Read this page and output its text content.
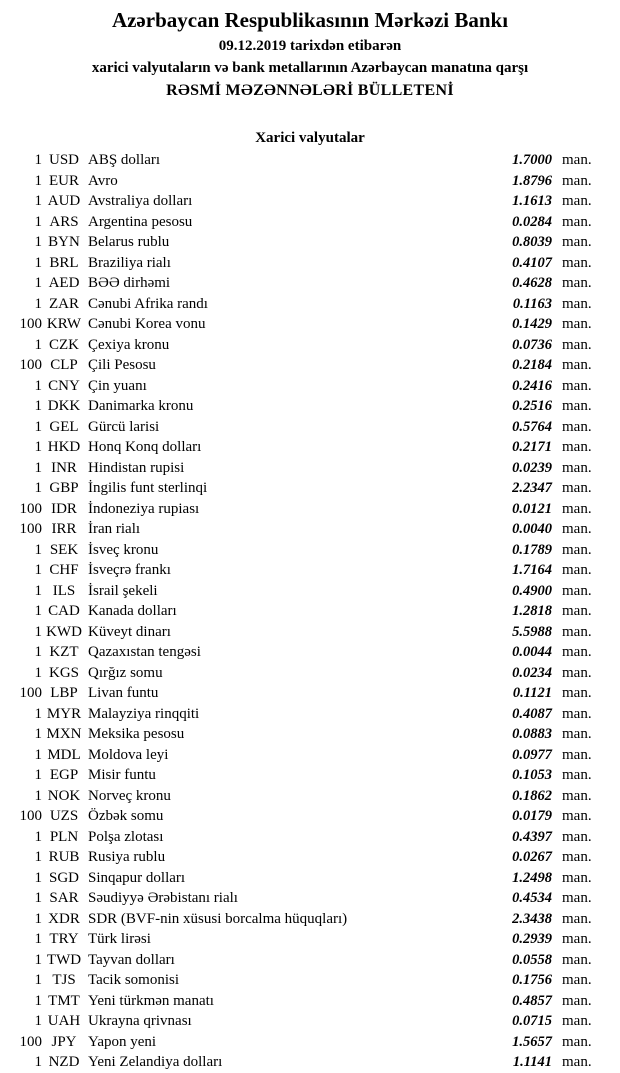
Azərbaycan Respublikasının Mərkəzi Bankı

09.12.2019 tarixdən etibarən

xarici valyutaların və bank metallarının Azərbaycan manatına qarşı

RƏSMİ MƏZƏNNƏLƏRİ BÜLLETENİ

Xarici valyutalar
1 USD ABŞ dolları	1.7000 man.
1 EUR Avro	1.8796 man.
1 AUD Avstraliya dolları	1.1613 man.
1 ARS Argentina pesosu	0.0284 man.
1 BYN Belarus rublu	0.8039 man.
1 BRL Braziliya rialı	0.4107 man.
1 AED BƏƏ dirhəmi	0.4628 man.
1 ZAR Cənubi Afrika randı	0.1163 man.
100 KRW Cənubi Korea vonu	0.1429 man.
1 CZK Çexiya kronu	0.0736 man.
100 CLP Çili Pesosu	0.2184 man.
1 CNY Çin yuanı	0.2416 man.
1 DKK Danimarka kronu	0.2516 man.
1 GEL Gürcü larisi	0.5764 man.
1 HKD Honq Konq dolları	0.2171 man.
1 INR Hindistan rupisi	0.0239 man.
1 GBP İngilis funt sterlinqi	2.2347 man.
100 IDR İndoneziya rupiası	0.0121 man.
100 IRR İran rialı	0.0040 man.
1 SEK İsveç kronu	0.1789 man.
1 CHF İsveçrə frankı	1.7164 man.
1 ILS İsrail şekeli	0.4900 man.
1 CAD Kanada dolları	1.2818 man.
1 KWD Küveyt dinarı	5.5988 man.
1 KZT Qazaxıstan tengəsi	0.0044 man.
1 KGS Qırğız somu	0.0234 man.
100 LBP Livan funtu	0.1121 man.
1 MYR Malayziya rinqqiti	0.4087 man.
1 MXN Meksika pesosu	0.0883 man.
1 MDL Moldova leyi	0.0977 man.
1 EGP Misir funtu	0.1053 man.
1 NOK Norveç kronu	0.1862 man.
100 UZS Özbək somu	0.0179 man.
1 PLN Polşa zlotası	0.4397 man.
1 RUB Rusiya rublu	0.0267 man.
1 SGD Sinqapur dolları	1.2498 man.
1 SAR Səudiyyə Ərəbistanı rialı	0.4534 man.
1 XDR SDR (BVF-nin xüsusi borcalma hüquqları)	2.3438 man.
1 TRY Türk lirəsi	0.2939 man.
1 TWD Tayvan dolları	0.0558 man.
1 TJS Tacik somonisi	0.1756 man.
1 TMT Yeni türkmən manatı	0.4857 man.
1 UAH Ukrayna qrivnası	0.0715 man.
100 JPY Yapon yeni	1.5657 man.
1 NZD Yeni Zelandiya dolları	1.1141 man.
